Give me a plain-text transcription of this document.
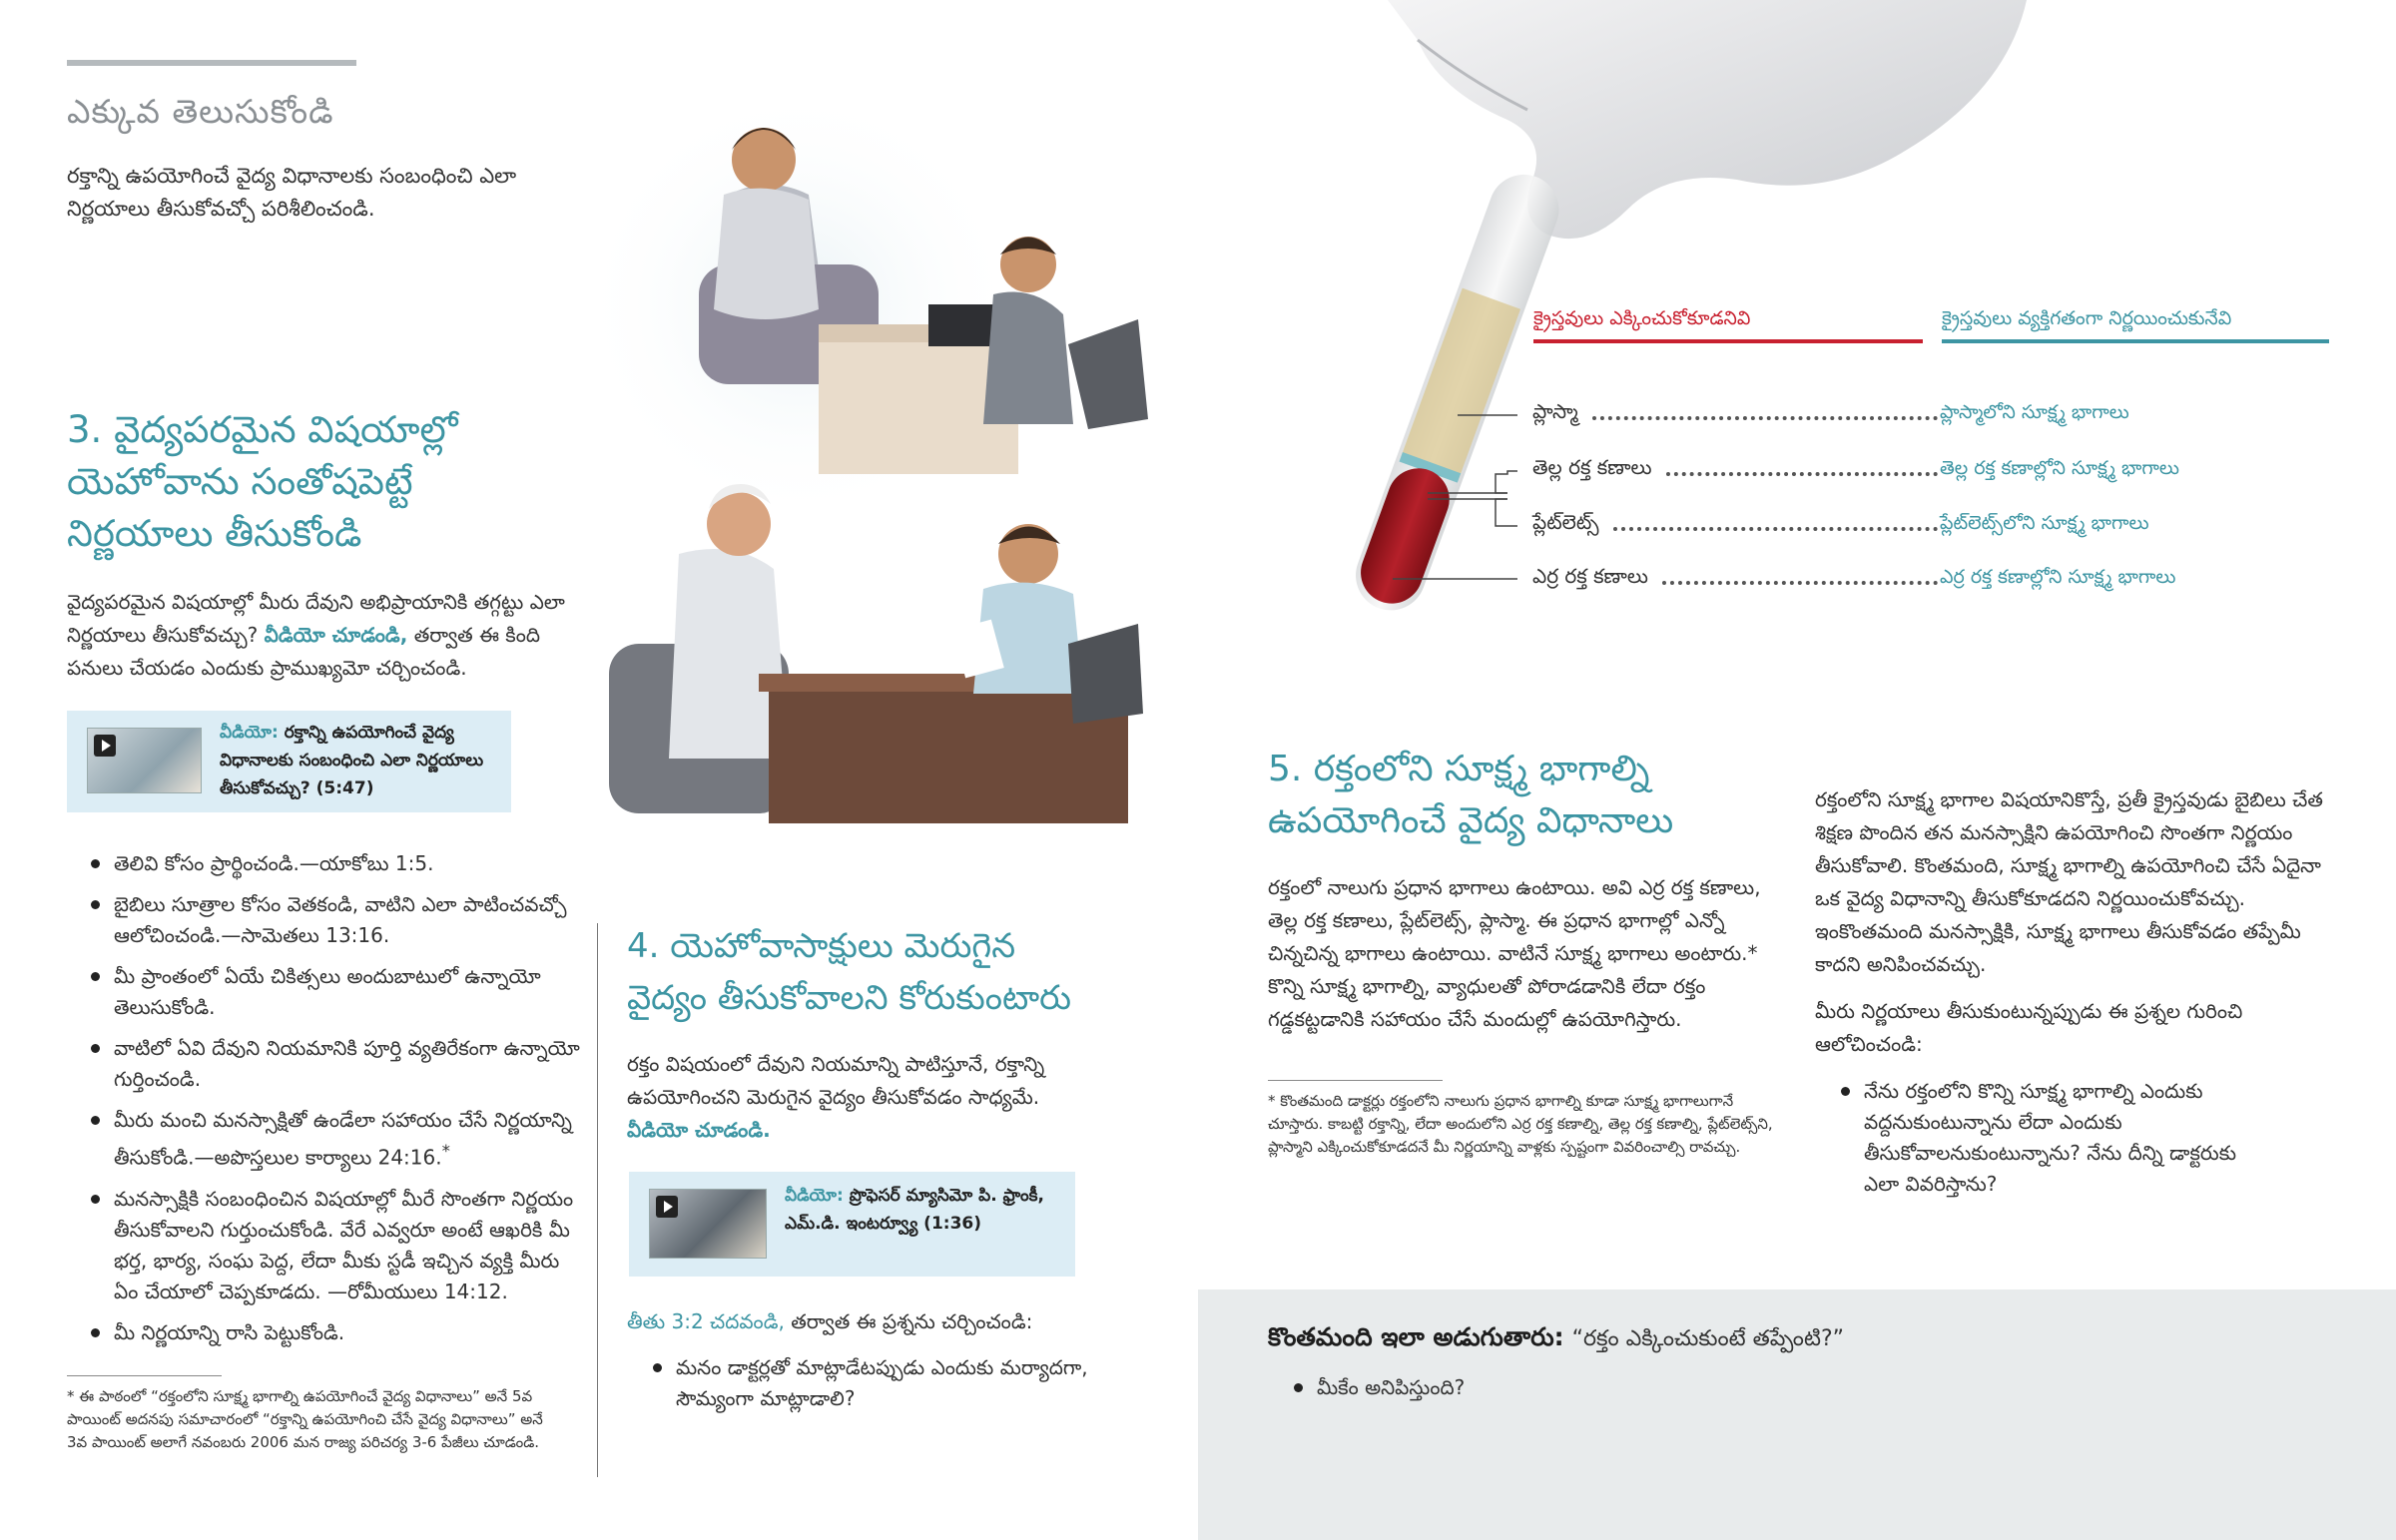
ఎక్కువ తెలుసుకోండి
రక్తాన్ని ఉపయోగించే వైద్య విధానాలకు సంబంధించి ఎలా నిర్ణయాలు తీసుకోవచ్చో పరిశీలించండి.
3. వైద్యపరమైన విషయాల్లో
యెహోవాను సంతోషపెట్టే
నిర్ణయాలు తీసుకోండి
వైద్యపరమైన విషయాల్లో మీరు దేవుని అభిప్రాయానికి తగ్గట్టు ఎలా నిర్ణయాలు తీసుకోవచ్చు? వీడియో చూడండి, తర్వాత ఈ కింది పనులు చేయడం ఎందుకు ప్రాముఖ్యమో చర్చించండి.
వీడియో: రక్తాన్ని ఉపయోగించే వైద్య విధానాలకు సంబంధించి ఎలా నిర్ణయాలు తీసుకోవచ్చు? (5:47)
తెలివి కోసం ప్రార్థించండి.—యాకోబు 1:5.
బైబిలు సూత్రాల కోసం వెతకండి, వాటిని ఎలా పాటించవచ్చో ఆలోచించండి.—సామెతలు 13:16.
మీ ప్రాంతంలో ఏయే చికిత్సలు అందుబాటులో ఉన్నాయో తెలుసుకోండి.
వాటిలో ఏవి దేవుని నియమానికి పూర్తి వ్యతిరేకంగా ఉన్నాయో గుర్తించండి.
మీరు మంచి మనస్సాక్షితో ఉండేలా సహాయం చేసే నిర్ణయాన్ని తీసుకోండి.—అపొస్తలుల కార్యాలు 24:16.*
మనస్సాక్షికి సంబంధించిన విషయాల్లో మీరే సొంతగా నిర్ణయం తీసుకోవాలని గుర్తుంచుకోండి. వేరే ఎవ్వరూ అంటే ఆఖరికి మీ భర్త, భార్య, సంఘ పెద్ద, లేదా మీకు స్టడీ ఇచ్చిన వ్యక్తి మీరు ఏం చేయాలో చెప్పకూడదు. —రోమీయులు 14:12.
మీ నిర్ణయాన్ని రాసి పెట్టుకోండి.
* ఈ పాఠంలో “రక్తంలోని సూక్ష్మ భాగాల్ని ఉపయోగించే వైద్య విధానాలు” అనే 5వ పాయింట్ అదనపు సమాచారంలో “రక్తాన్ని ఉపయోగించి చేసే వైద్య విధానాలు” అనే 3వ పాయింట్ అలాగే నవంబరు 2006 మన రాజ్య పరిచర్య 3-6 పేజీలు చూడండి.
4. యెహోవాసాక్షులు మెరుగైన
వైద్యం తీసుకోవాలని కోరుకుంటారు
రక్తం విషయంలో దేవుని నియమాన్ని పాటిస్తూనే, రక్తాన్ని ఉపయోగించని మెరుగైన వైద్యం తీసుకోవడం సాధ్యమే. వీడియో చూడండి.
వీడియో: ప్రొఫెసర్ మ్యాసిమో పి. ఫ్రాంకీ, ఎమ్.డి. ఇంటర్వ్యూ (1:36)
తీతు 3:2 చదవండి, తర్వాత ఈ ప్రశ్నను చర్చించండి:
మనం డాక్టర్లతో మాట్లాడేటప్పుడు ఎందుకు మర్యాదగా, సౌమ్యంగా మాట్లాడాలి?
క్రైస్తవులు ఎక్కించుకోకూడనివి	క్రైస్తవులు వ్యక్తిగతంగా నిర్ణయించుకునేవి
ప్లాస్మా	ప్లాస్మాలోని సూక్ష్మ భాగాలు
తెల్ల రక్త కణాలు	తెల్ల రక్త కణాల్లోని సూక్ష్మ భాగాలు
ప్లేట్‌లెట్స్	ప్లేట్‌లెట్స్‌లోని సూక్ష్మ భాగాలు
ఎర్ర రక్త కణాలు	ఎర్ర రక్త కణాల్లోని సూక్ష్మ భాగాలు
5. రక్తంలోని సూక్ష్మ భాగాల్ని
ఉపయోగించే వైద్య విధానాలు
రక్తంలో నాలుగు ప్రధాన భాగాలు ఉంటాయి. అవి ఎర్ర రక్త కణాలు, తెల్ల రక్త కణాలు, ప్లేట్‌లెట్స్, ప్లాస్మా. ఈ ప్రధాన భాగాల్లో ఎన్నో చిన్నచిన్న భాగాలు ఉంటాయి. వాటినే సూక్ష్మ భాగాలు అంటారు.* కొన్ని సూక్ష్మ భాగాల్ని, వ్యాధులతో పోరాడడానికి లేదా రక్తం గడ్డకట్టడానికి సహాయం చేసే మందుల్లో ఉపయోగిస్తారు.
* కొంతమంది డాక్టర్లు రక్తంలోని నాలుగు ప్రధాన భాగాల్ని కూడా సూక్ష్మ భాగాలుగానే చూస్తారు. కాబట్టి రక్తాన్ని, లేదా అందులోని ఎర్ర రక్త కణాల్ని, తెల్ల రక్త కణాల్ని, ప్లేట్‌లెట్స్‌ని, ప్లాస్మాని ఎక్కించుకోకూడదనే మీ నిర్ణయాన్ని వాళ్లకు స్పష్టంగా వివరించాల్సి రావచ్చు.
రక్తంలోని సూక్ష్మ భాగాల విషయానికొస్తే, ప్రతీ క్రైస్తవుడు బైబిలు చేత శిక్షణ పొందిన తన మనస్సాక్షిని ఉపయోగించి సొంతగా నిర్ణయం తీసుకోవాలి. కొంతమంది, సూక్ష్మ భాగాల్ని ఉపయోగించి చేసే ఏదైనా ఒక వైద్య విధానాన్ని తీసుకోకూడదని నిర్ణయించుకోవచ్చు. ఇంకొంతమంది మనస్సాక్షికి, సూక్ష్మ భాగాలు తీసుకోవడం తప్పేమీ కాదని అనిపించవచ్చు.
మీరు నిర్ణయాలు తీసుకుంటున్నప్పుడు ఈ ప్రశ్నల గురించి ఆలోచించండి:
నేను రక్తంలోని కొన్ని సూక్ష్మ భాగాల్ని ఎందుకు వద్దనుకుంటున్నాను లేదా ఎందుకు తీసుకోవాలనుకుంటున్నాను? నేను దీన్ని డాక్టరుకు ఎలా వివరిస్తాను?
కొంతమంది ఇలా అడుగుతారు: “రక్తం ఎక్కించుకుంటే తప్పేంటి?”
మీకేం అనిపిస్తుంది?
